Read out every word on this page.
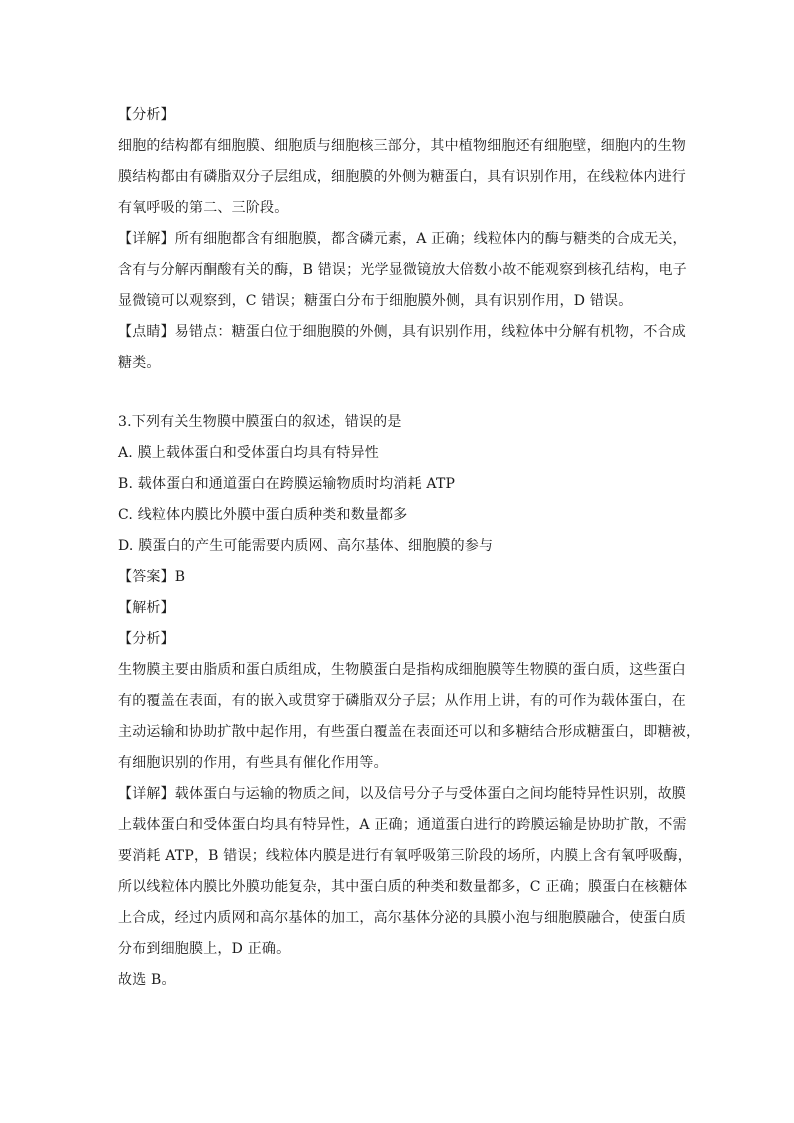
【分析】
细胞的结构都有细胞膜、细胞质与细胞核三部分，其中植物细胞还有细胞壁，细胞内的生物
膜结构都由有磷脂双分子层组成，细胞膜的外侧为糖蛋白，具有识别作用，在线粒体内进行
有氧呼吸的第二、三阶段。
【详解】所有细胞都含有细胞膜，都含磷元素，A 正确；线粒体内的酶与糖类的合成无关，
含有与分解丙酮酸有关的酶，B 错误；光学显微镜放大倍数小故不能观察到核孔结构，电子
显微镜可以观察到，C 错误；糖蛋白分布于细胞膜外侧，具有识别作用，D 错误。
【点睛】易错点：糖蛋白位于细胞膜的外侧，具有识别作用，线粒体中分解有机物，不合成
糖类。
3.下列有关生物膜中膜蛋白的叙述，错误的是
A. 膜上载体蛋白和受体蛋白均具有特异性
B. 载体蛋白和通道蛋白在跨膜运输物质时均消耗 ATP
C. 线粒体内膜比外膜中蛋白质种类和数量都多
D. 膜蛋白的产生可能需要内质网、高尔基体、细胞膜的参与
【答案】B
【解析】
【分析】
生物膜主要由脂质和蛋白质组成，生物膜蛋白是指构成细胞膜等生物膜的蛋白质，这些蛋白
有的覆盖在表面，有的嵌入或贯穿于磷脂双分子层；从作用上讲，有的可作为载体蛋白，在
主动运输和协助扩散中起作用，有些蛋白覆盖在表面还可以和多糖结合形成糖蛋白，即糖被，
有细胞识别的作用，有些具有催化作用等。
【详解】载体蛋白与运输的物质之间，以及信号分子与受体蛋白之间均能特异性识别，故膜
上载体蛋白和受体蛋白均具有特异性，A 正确；通道蛋白进行的跨膜运输是协助扩散，不需
要消耗 ATP，B 错误；线粒体内膜是进行有氧呼吸第三阶段的场所，内膜上含有氧呼吸酶，
所以线粒体内膜比外膜功能复杂，其中蛋白质的种类和数量都多，C 正确；膜蛋白在核糖体
上合成，经过内质网和高尔基体的加工，高尔基体分泌的具膜小泡与细胞膜融合，使蛋白质
分布到细胞膜上，D 正确。
故选 B。
